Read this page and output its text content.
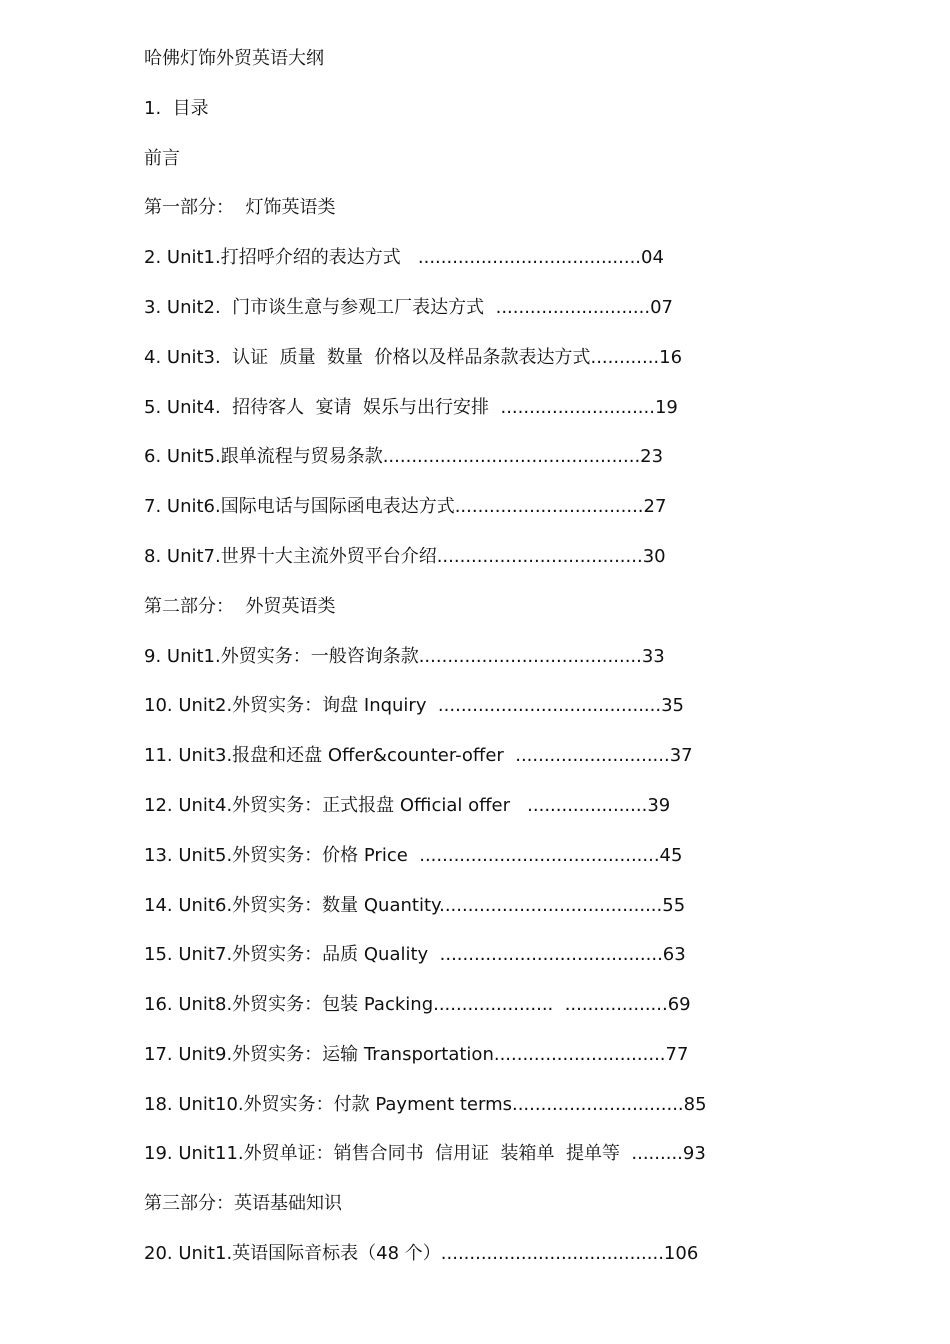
哈佛灯饰外贸英语大纲
1.  目录
前言
第一部分：  灯饰英语类
2. Unit1.打招呼介绍的表达方式   .......................................04
3. Unit2.  门市谈生意与参观工厂表达方式  ...........................07
4. Unit3.  认证  质量  数量  价格以及样品条款表达方式............16
5. Unit4.  招待客人  宴请  娱乐与出行安排  ...........................19
6. Unit5.跟单流程与贸易条款.............................................23
7. Unit6.国际电话与国际函电表达方式.................................27
8. Unit7.世界十大主流外贸平台介绍....................................30
第二部分：  外贸英语类
9. Unit1.外贸实务：一般咨询条款.......................................33
10. Unit2.外贸实务：询盘 Inquiry  .......................................35
11. Unit3.报盘和还盘 Offer&counter-offer  ...........................37
12. Unit4.外贸实务：正式报盘 Official offer   .....................39
13. Unit5.外贸实务：价格 Price  ..........................................45
14. Unit6.外贸实务：数量 Quantity.......................................55
15. Unit7.外贸实务：品质 Quality  .......................................63
16. Unit8.外贸实务：包装 Packing.....................  ..................69
17. Unit9.外贸实务：运输 Transportation..............................77
18. Unit10.外贸实务：付款 Payment terms..............................85
19. Unit11.外贸单证：销售合同书  信用证  装箱单  提单等  .........93
第三部分：英语基础知识
20. Unit1.英语国际音标表（48 个）.......................................106
